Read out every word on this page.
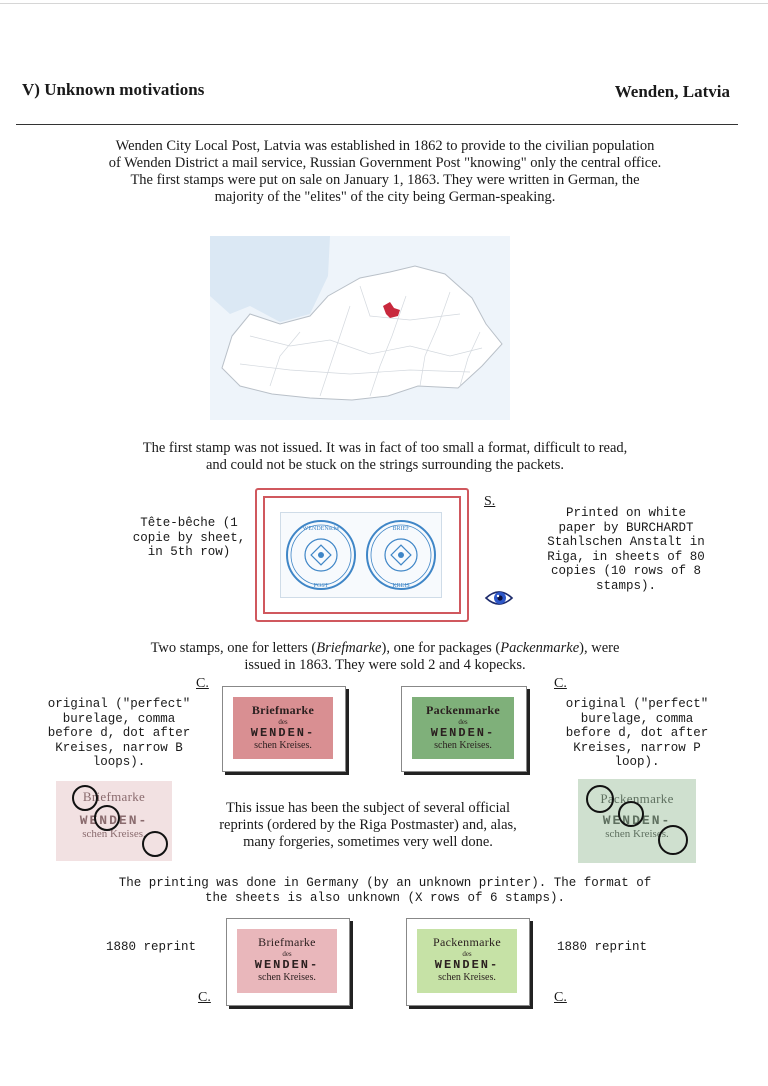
V) Unknown motivations	Wenden, Latvia
Wenden City Local Post, Latvia was established in 1862 to provide to the civilian population
of Wenden District a mail service, Russian Government Post "knowing" only the central office.
The first stamps were put on sale on January 1, 1863. They were written in German, the
majority of the "elites" of the city being German-speaking.
The first stamp was not issued. It was in fact of too small a format, difficult to read,
and could not be stuck on the strings surrounding the packets.
Tête-bêche (1
copie by sheet,
in 5th row)
WENDENsche
POST
BRIEF
KREIS
S.
Printed on white
paper by BURCHARDT
Stahlschen Anstalt in
Riga, in sheets of 80
copies (10 rows of 8
stamps).
Two stamps, one for letters (Briefmarke), one for packages (Packenmarke), were
issued in 1863. They were sold 2 and 4 kopecks.
C.	C.
original ("perfect"
burelage, comma
before d, dot after
Kreises, narrow B
loops).
original ("perfect"
burelage, comma
before d, dot after
Kreises, narrow P
loop).
Briefmarke
des
WENDEN-
schen Kreises.
Packenmarke
des
WENDEN-
schen Kreises.
Briefmarke
WENDEN-
schen Kreises.
This issue has been the subject of several official
reprints (ordered by the Riga Postmaster) and, alas,
many forgeries, sometimes very well done.
Packenmarke
WENDEN-
schen Kreises.
The printing was done in Germany (by an unknown printer). The format of
the sheets is also unknown (X rows of 6 stamps).
1880 reprint	1880 reprint
Briefmarke
des
WENDEN-
schen Kreises.
Packenmarke
des
WENDEN-
schen Kreises.
C.	C.
